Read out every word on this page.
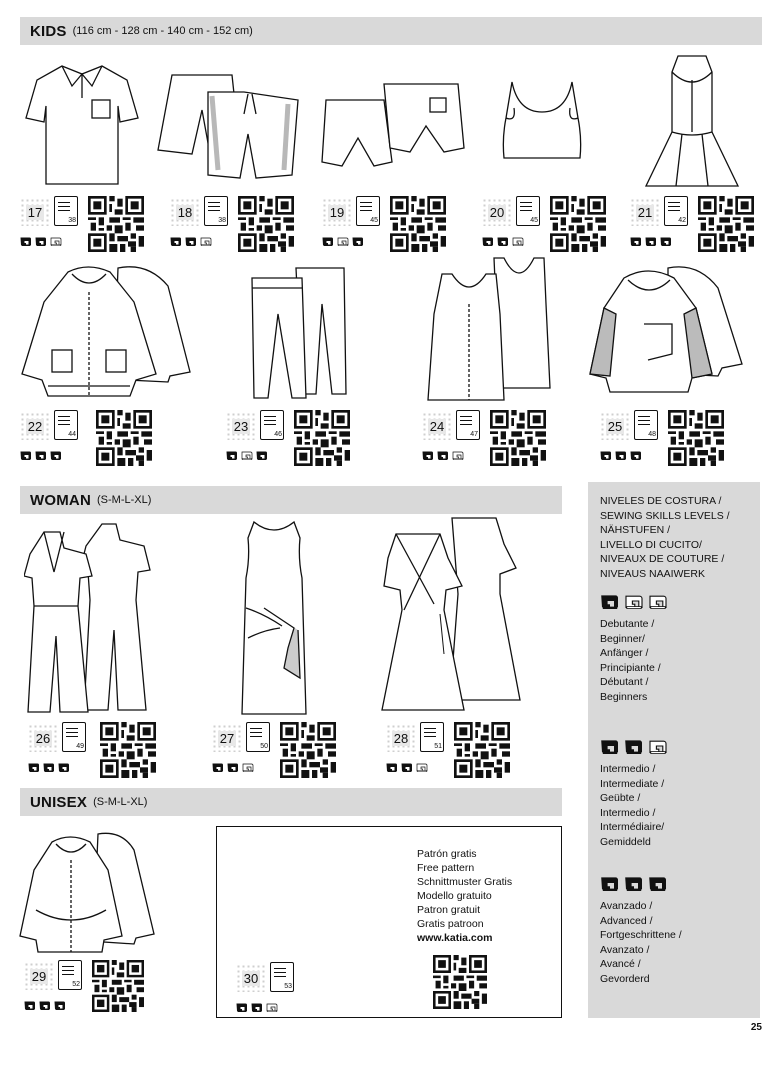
KIDS (116 cm - 128 cm - 140 cm - 152 cm)
WOMAN (S-M-L-XL)
UNISEX (S-M-L-XL)
17
38
18
38
19
45
20
45
21
42
22
44
23
46
24
47
25
48
26
49
27
50
28
51
29
52
Patrón gratis
Free pattern
Schnittmuster Gratis
Modello gratuito
Patron gratuit
Gratis patroon
www.katia.com
30
53
NIVELES DE COSTURA /
SEWING SKILLS LEVELS /
NÄHSTUFEN /
LIVELLO DI CUCITO/
NIVEAUX DE COUTURE /
NIVEAUS NAAIWERK
Debutante /
Beginner/
Anfänger /
Principiante /
Débutant /
Beginners
Intermedio /
Intermediate /
Geübte /
Intermedio /
Intermédiaire/
Gemiddeld
Avanzado /
Advanced /
Fortgeschrittene /
Avanzato /
Avancé /
Gevorderd
25
